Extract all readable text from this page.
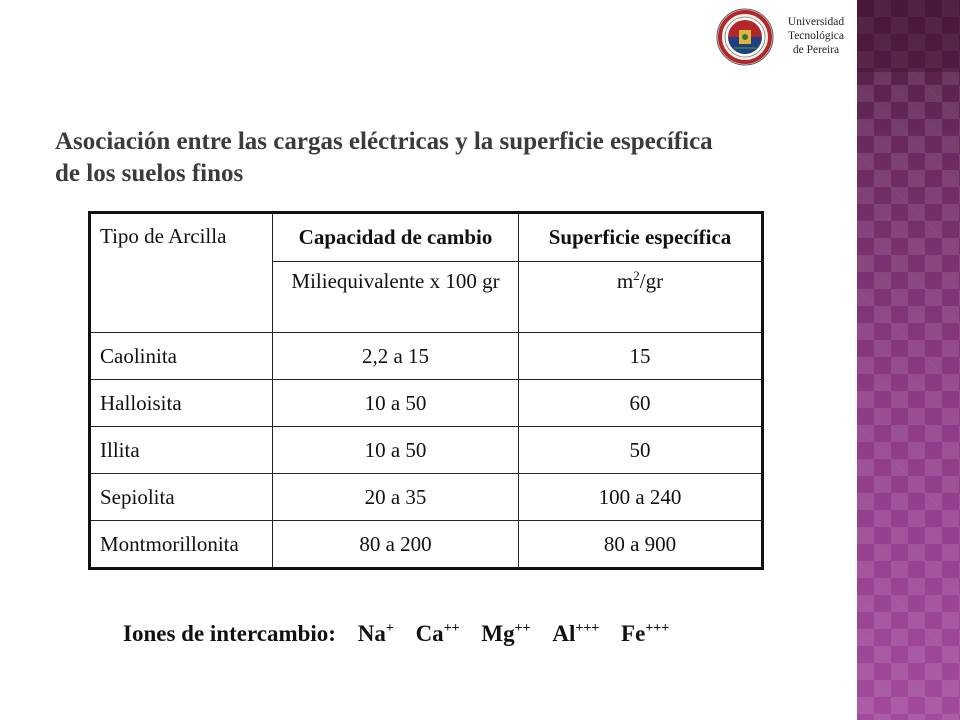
Universidad
Tecnológica
de Pereira
Asociación entre las cargas eléctricas y la superficie específica
de los suelos finos
Tipo de Arcilla	Capacidad de cambio	Superficie específica
	Miliequivalente x 100 gr	$m^2/gr$
Caolinita	2,2 a 15	15
Halloisita	10 a 50	60
Illita	10 a 50	50
Sepiolita	20 a 35	100 a 240
Montmorillonita	80 a 200	80 a 900
Iones de intercambio: Na+ Ca++ Mg++ Al+++ Fe+++
